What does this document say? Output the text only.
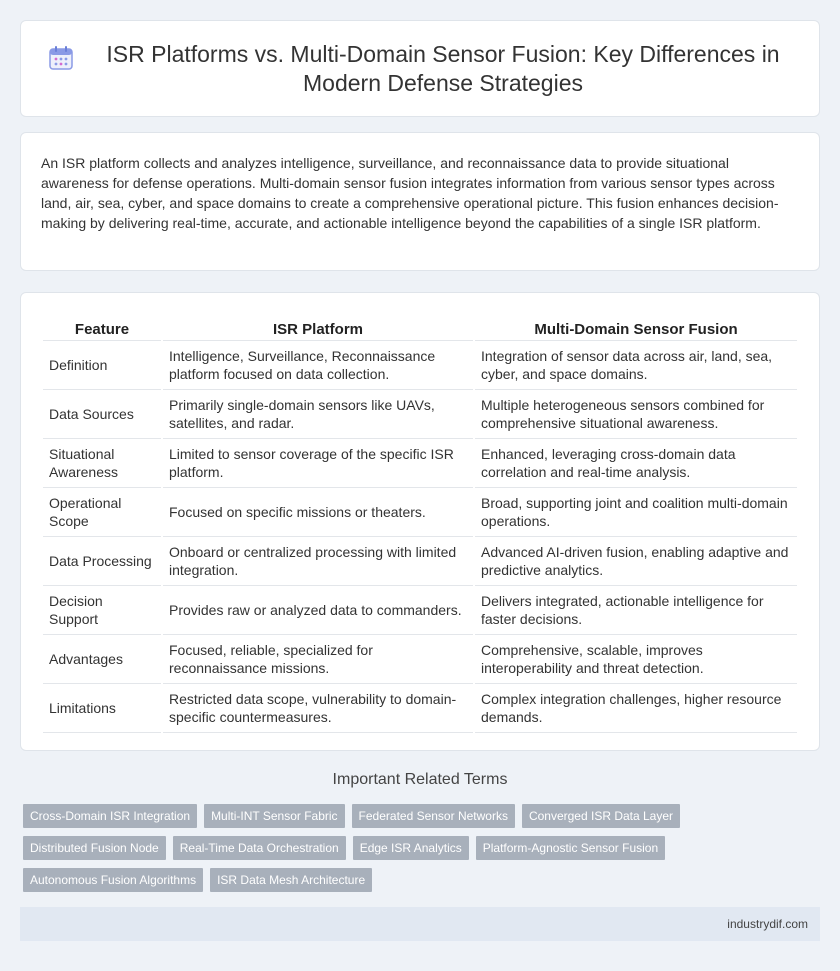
ISR Platforms vs. Multi-Domain Sensor Fusion: Key Differences in Modern Defense Strategies

An ISR platform collects and analyzes intelligence, surveillance, and reconnaissance data to provide situational awareness for defense operations. Multi-domain sensor fusion integrates information from various sensor types across land, air, sea, cyber, and space domains to create a comprehensive operational picture. This fusion enhances decision-making by delivering real-time, accurate, and actionable intelligence beyond the capabilities of a single ISR platform.

Feature	ISR Platform	Multi-Domain Sensor Fusion
Definition	Intelligence, Surveillance, Reconnaissance platform focused on data collection.	Integration of sensor data across air, land, sea, cyber, and space domains.
Data Sources	Primarily single-domain sensors like UAVs, satellites, and radar.	Multiple heterogeneous sensors combined for comprehensive situational awareness.
Situational Awareness	Limited to sensor coverage of the specific ISR platform.	Enhanced, leveraging cross-domain data correlation and real-time analysis.
Operational Scope	Focused on specific missions or theaters.	Broad, supporting joint and coalition multi-domain operations.
Data Processing	Onboard or centralized processing with limited integration.	Advanced AI-driven fusion, enabling adaptive and predictive analytics.
Decision Support	Provides raw or analyzed data to commanders.	Delivers integrated, actionable intelligence for faster decisions.
Advantages	Focused, reliable, specialized for reconnaissance missions.	Comprehensive, scalable, improves interoperability and threat detection.
Limitations	Restricted data scope, vulnerability to domain-specific countermeasures.	Complex integration challenges, higher resource demands.
Important Related Terms
Cross-Domain ISR Integration	Multi-INT Sensor Fabric	Federated Sensor Networks	Converged ISR Data Layer
Distributed Fusion Node	Real-Time Data Orchestration	Edge ISR Analytics	Platform-Agnostic Sensor Fusion
Autonomous Fusion Algorithms	ISR Data Mesh Architecture
industrydif.com
